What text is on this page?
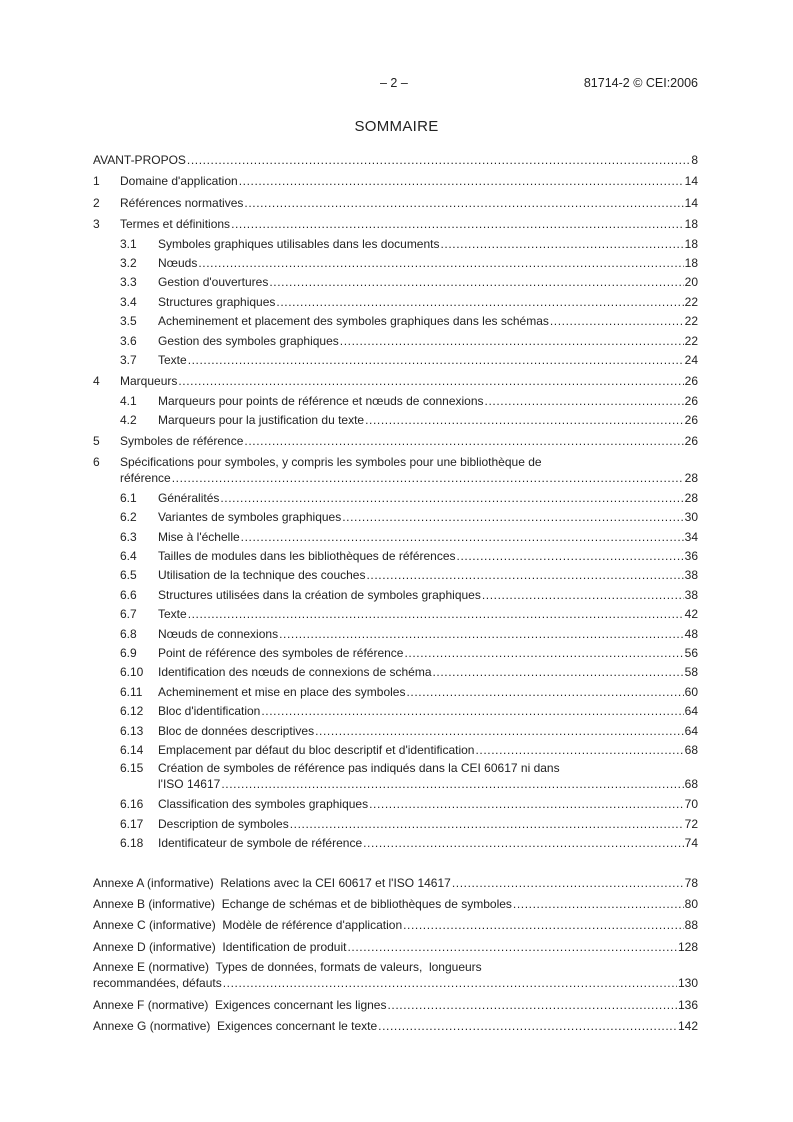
– 2 –	81714-2 © CEI:2006
SOMMAIRE
AVANT-PROPOS .....	8
1	Domaine d'application .....	14
2	Références normatives .....	14
3	Termes et définitions .....	18
3.1	Symboles graphiques utilisables dans les documents .....	18
3.2	Nœuds .....	18
3.3	Gestion d'ouvertures .....	20
3.4	Structures graphiques .....	22
3.5	Acheminement et placement des symboles graphiques dans les schémas .....	22
3.6	Gestion des symboles graphiques .....	22
3.7	Texte .....	24
4	Marqueurs .....	26
4.1	Marqueurs pour points de référence et nœuds de connexions .....	26
4.2	Marqueurs pour la justification du texte .....	26
5	Symboles de référence .....	26
6	Spécifications pour symboles, y compris les symboles pour une bibliothèque de
référence .....	28
6.1	Généralités .....	28
6.2	Variantes de symboles graphiques .....	30
6.3	Mise à l'échelle .....	34
6.4	Tailles de modules dans les bibliothèques de références .....	36
6.5	Utilisation de la technique des couches .....	38
6.6	Structures utilisées dans la création de symboles graphiques .....	38
6.7	Texte .....	42
6.8	Nœuds de connexions .....	48
6.9	Point de référence des symboles de référence .....	56
6.10	Identification des nœuds de connexions de schéma .....	58
6.11	Acheminement et mise en place des symboles .....	60
6.12	Bloc d'identification .....	64
6.13	Bloc de données descriptives .....	64
6.14	Emplacement par défaut du bloc descriptif et d'identification .....	68
6.15	Création de symboles de référence pas indiqués dans la CEI 60617 ni dans
l'ISO 14617 .....	68
6.16	Classification des symboles graphiques .....	70
6.17	Description de symboles .....	72
6.18	Identificateur de symbole de référence .....	74
Annexe A (informative)  Relations avec la CEI 60617 et l'ISO 14617 .....	78
Annexe B (informative)  Echange de schémas et de bibliothèques de symboles .....	80
Annexe C (informative)  Modèle de référence d'application .....	88
Annexe D (informative)  Identification de produit .....	128
Annexe E (normative)  Types de données, formats de valeurs,  longueurs
recommandées, défauts .....	130
Annexe F (normative)  Exigences concernant les lignes .....	136
Annexe G (normative)  Exigences concernant le texte .....	142
